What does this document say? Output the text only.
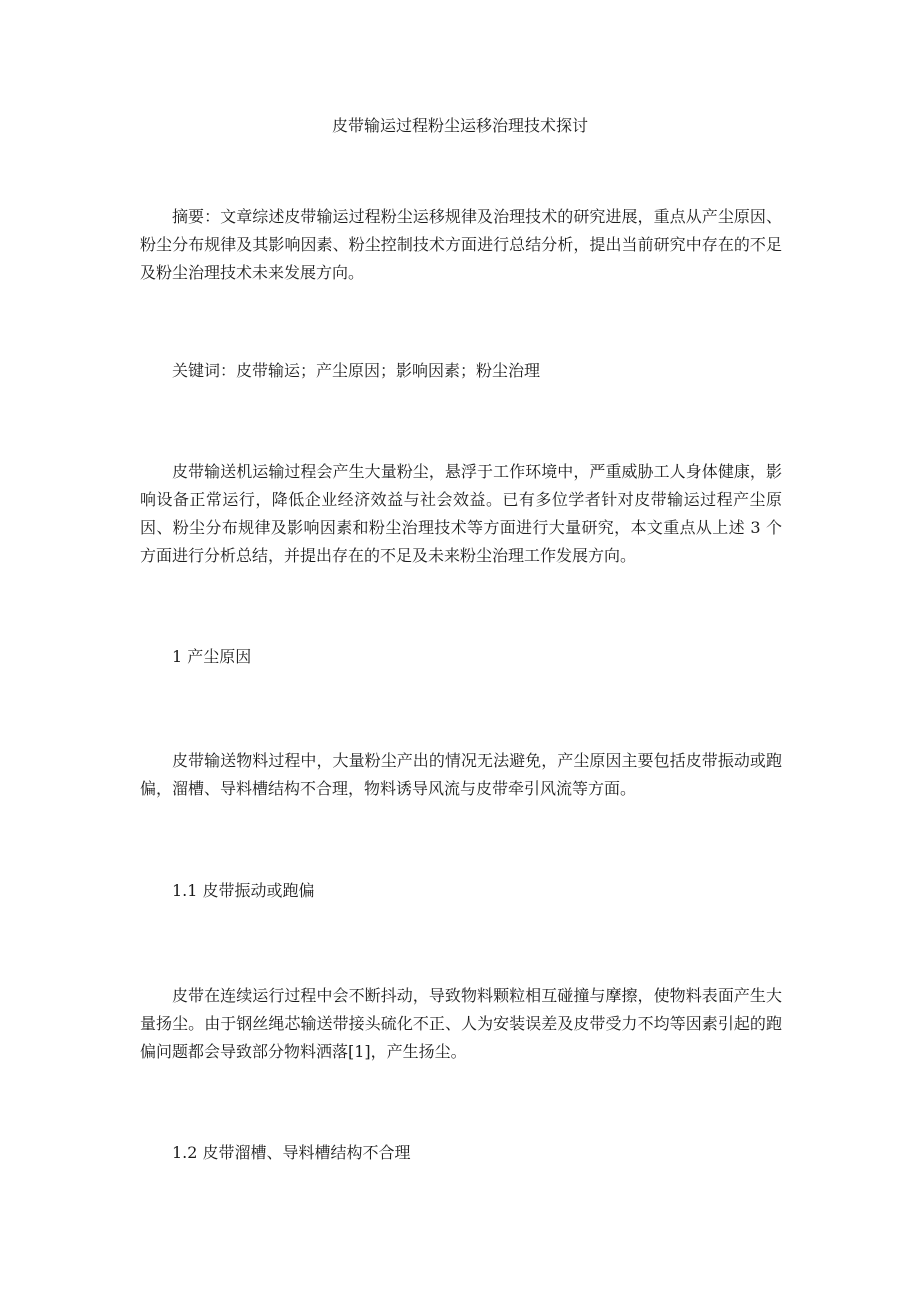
皮带输运过程粉尘运移治理技术探讨

摘要：文章综述皮带输运过程粉尘运移规律及治理技术的研究进展，重点从产尘原因、粉尘分布规律及其影响因素、粉尘控制技术方面进行总结分析，提出当前研究中存在的不足及粉尘治理技术未来发展方向。

关键词：皮带输运；产尘原因；影响因素；粉尘治理

皮带输送机运输过程会产生大量粉尘，悬浮于工作环境中，严重威胁工人身体健康，影响设备正常运行，降低企业经济效益与社会效益。已有多位学者针对皮带输运过程产尘原因、粉尘分布规律及影响因素和粉尘治理技术等方面进行大量研究，本文重点从上述 3 个方面进行分析总结，并提出存在的不足及未来粉尘治理工作发展方向。

1 产尘原因

皮带输送物料过程中，大量粉尘产出的情况无法避免，产尘原因主要包括皮带振动或跑偏，溜槽、导料槽结构不合理，物料诱导风流与皮带牵引风流等方面。

1.1 皮带振动或跑偏

皮带在连续运行过程中会不断抖动，导致物料颗粒相互碰撞与摩擦，使物料表面产生大量扬尘。由于钢丝绳芯输送带接头硫化不正、人为安装误差及皮带受力不均等因素引起的跑偏问题都会导致部分物料洒落[1]，产生扬尘。

1.2 皮带溜槽、导料槽结构不合理
